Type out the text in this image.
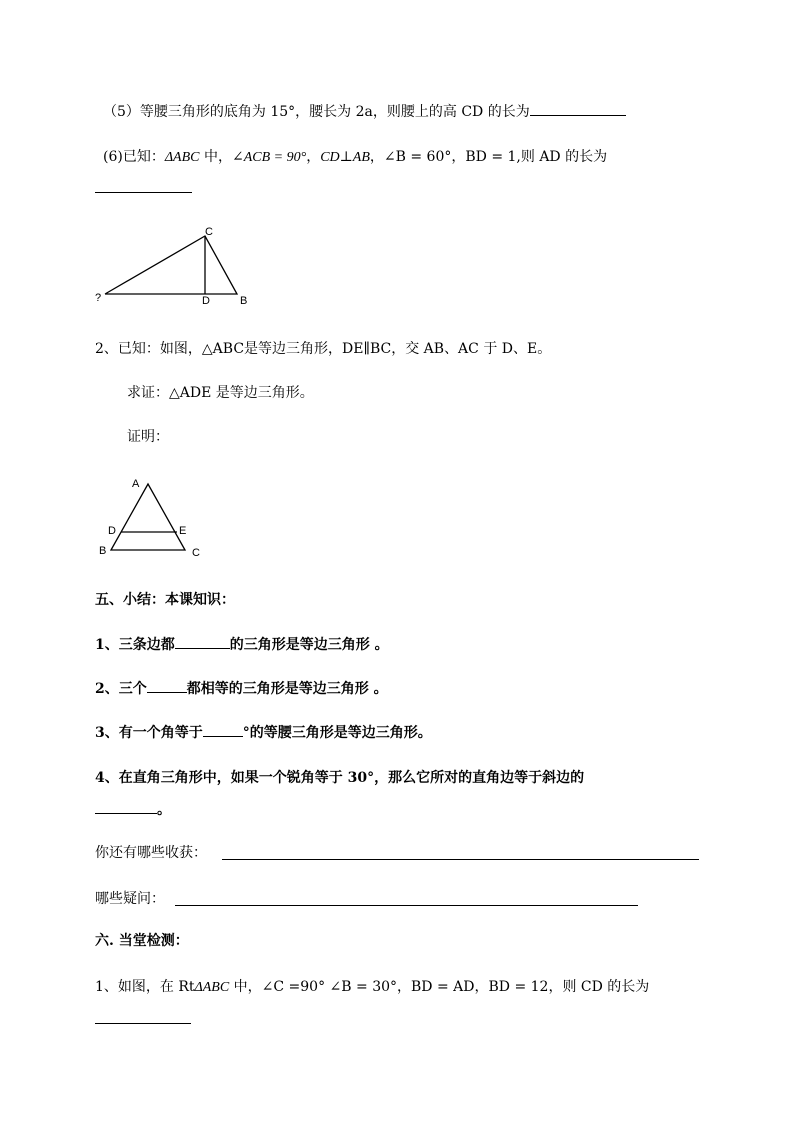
（5）等腰三角形的底角为 15°，腰长为 2a，则腰上的高 CD 的长为
(6)已知：ΔABC 中，∠ACB = 90°，CD⊥AB，∠B = 60°，BD = 1,则 AD 的长为
C
?	D	B
2、已知：如图，△ABC是等边三角形，DE∥BC，交 AB、AC 于 D、E。
求证：△ADE 是等边三角形。
证明：
A
D	E
B	C
五、小结：本课知识：
1、三条边都	的三角形是等边三角形 。
2、三个	都相等的三角形是等边三角形 。
3、有一个角等于	°的等腰三角形是等边三角形。
4、在直角三角形中，如果一个锐角等于 30°，那么它所对的直角边等于斜边的
。
你还有哪些收获：
哪些疑问：
六. 当堂检测：
1、如图，在 RtΔABC 中，∠C =90° ∠B = 30°，BD = AD，BD = 12，则 CD 的长为
